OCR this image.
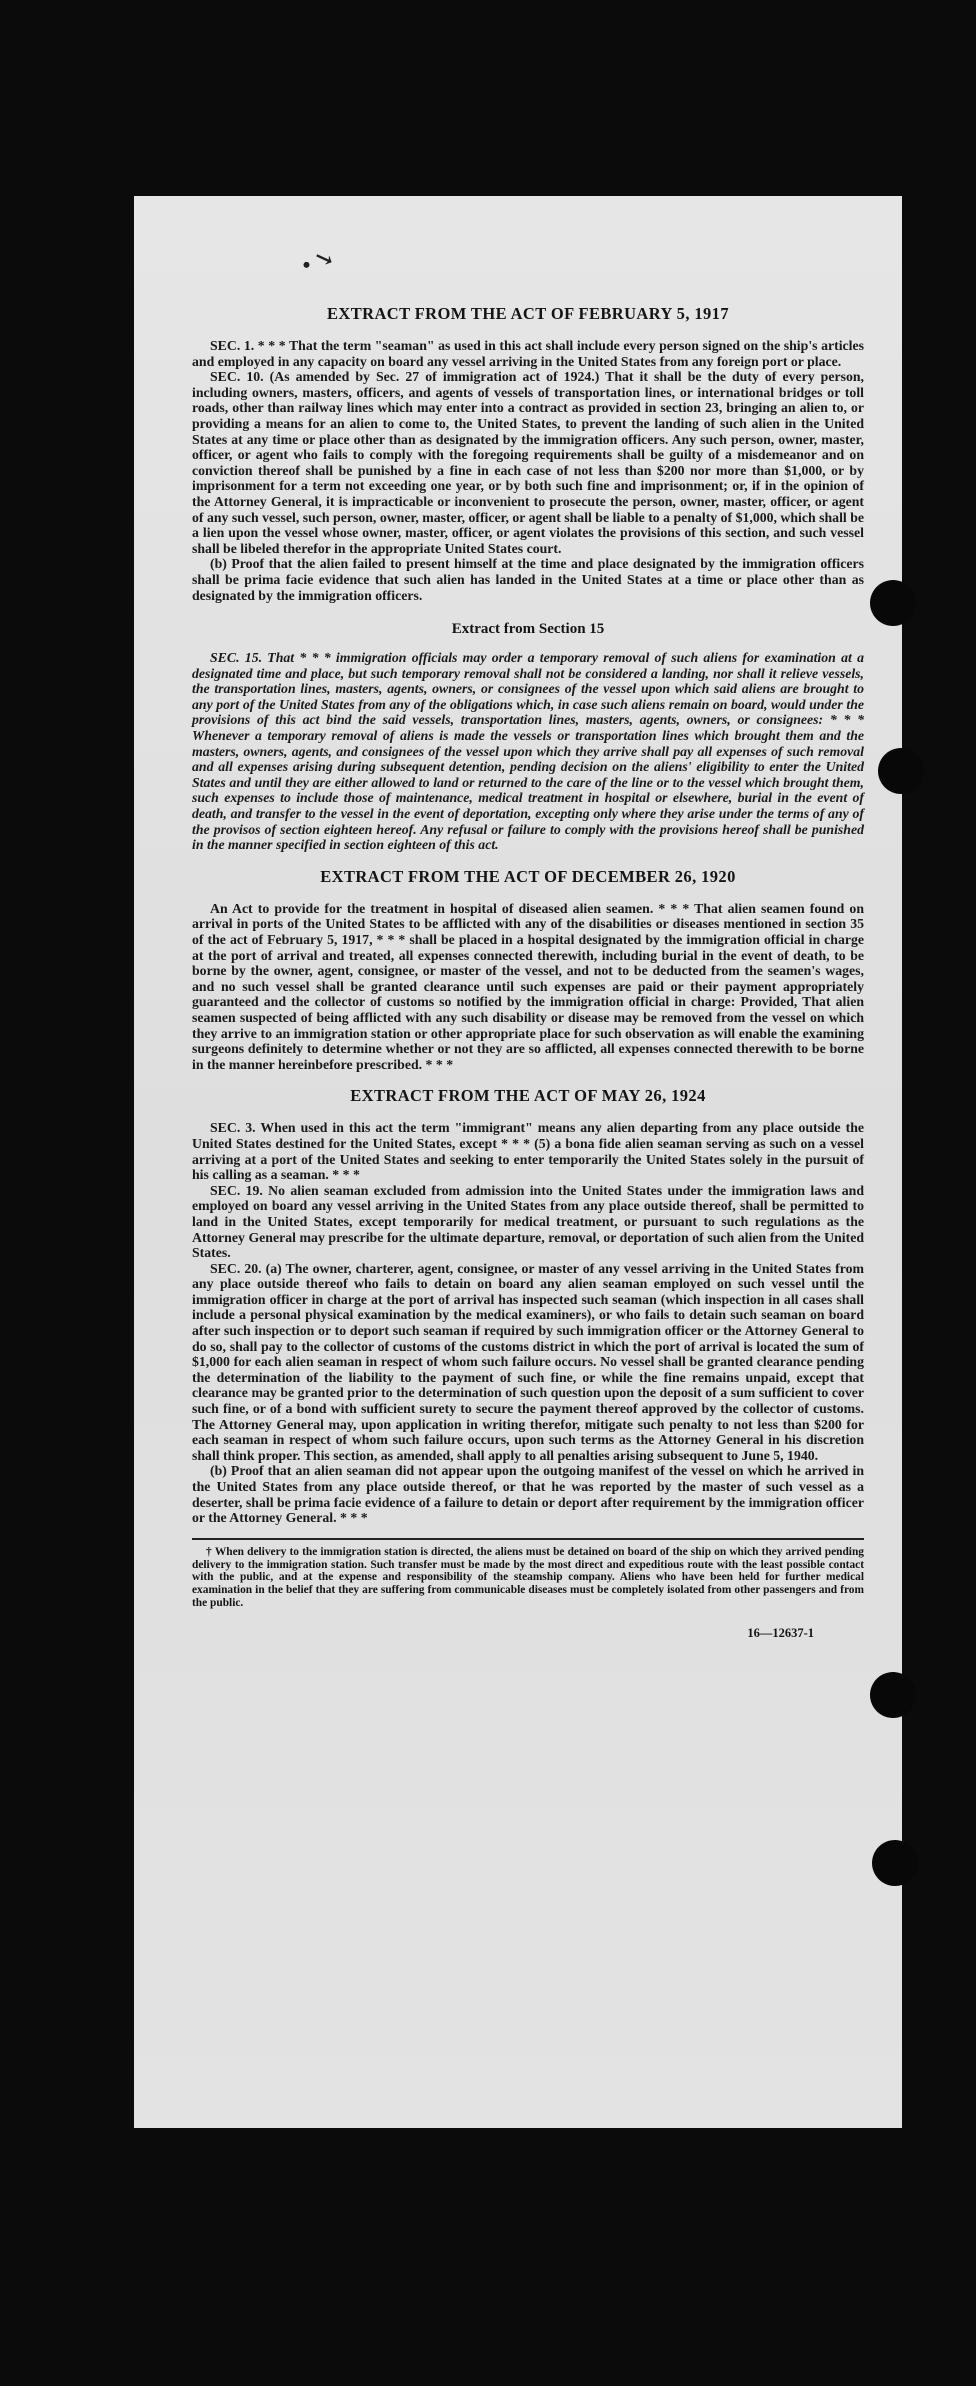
• ↘
EXTRACT FROM THE ACT OF FEBRUARY 5, 1917

SEC. 1. * * * That the term "seaman" as used in this act shall include every person signed on the ship's articles and employed in any capacity on board any vessel arriving in the United States from any foreign port or place.

SEC. 10. (As amended by Sec. 27 of immigration act of 1924.) That it shall be the duty of every person, including owners, masters, officers, and agents of vessels of transportation lines, or international bridges or toll roads, other than railway lines which may enter into a contract as provided in section 23, bringing an alien to, or providing a means for an alien to come to, the United States, to prevent the landing of such alien in the United States at any time or place other than as designated by the immigration officers. Any such person, owner, master, officer, or agent who fails to comply with the foregoing requirements shall be guilty of a misdemeanor and on conviction thereof shall be punished by a fine in each case of not less than $200 nor more than $1,000, or by imprisonment for a term not exceeding one year, or by both such fine and imprisonment; or, if in the opinion of the Attorney General, it is impracticable or inconvenient to prosecute the person, owner, master, officer, or agent of any such vessel, such person, owner, master, officer, or agent shall be liable to a penalty of $1,000, which shall be a lien upon the vessel whose owner, master, officer, or agent violates the provisions of this section, and such vessel shall be libeled therefor in the appropriate United States court.

(b) Proof that the alien failed to present himself at the time and place designated by the immigration officers shall be prima facie evidence that such alien has landed in the United States at a time or place other than as designated by the immigration officers.

Extract from Section 15

SEC. 15. That * * * immigration officials may order a temporary removal of such aliens for examination at a designated time and place, but such temporary removal shall not be considered a landing, nor shall it relieve vessels, the transportation lines, masters, agents, owners, or consignees of the vessel upon which said aliens are brought to any port of the United States from any of the obligations which, in case such aliens remain on board, would under the provisions of this act bind the said vessels, transportation lines, masters, agents, owners, or consignees: * * * Whenever a temporary removal of aliens is made the vessels or transportation lines which brought them and the masters, owners, agents, and consignees of the vessel upon which they arrive shall pay all expenses of such removal and all expenses arising during subsequent detention, pending decision on the aliens' eligibility to enter the United States and until they are either allowed to land or returned to the care of the line or to the vessel which brought them, such expenses to include those of maintenance, medical treatment in hospital or elsewhere, burial in the event of death, and transfer to the vessel in the event of deportation, excepting only where they arise under the terms of any of the provisos of section eighteen hereof. Any refusal or failure to comply with the provisions hereof shall be punished in the manner specified in section eighteen of this act.

EXTRACT FROM THE ACT OF DECEMBER 26, 1920

An Act to provide for the treatment in hospital of diseased alien seamen. * * * That alien seamen found on arrival in ports of the United States to be afflicted with any of the disabilities or diseases mentioned in section 35 of the act of February 5, 1917, * * * shall be placed in a hospital designated by the immigration official in charge at the port of arrival and treated, all expenses connected therewith, including burial in the event of death, to be borne by the owner, agent, consignee, or master of the vessel, and not to be deducted from the seamen's wages, and no such vessel shall be granted clearance until such expenses are paid or their payment appropriately guaranteed and the collector of customs so notified by the immigration official in charge: Provided, That alien seamen suspected of being afflicted with any such disability or disease may be removed from the vessel on which they arrive to an immigration station or other appropriate place for such observation as will enable the examining surgeons definitely to determine whether or not they are so afflicted, all expenses connected therewith to be borne in the manner hereinbefore prescribed. * * *

EXTRACT FROM THE ACT OF MAY 26, 1924

SEC. 3. When used in this act the term "immigrant" means any alien departing from any place outside the United States destined for the United States, except * * * (5) a bona fide alien seaman serving as such on a vessel arriving at a port of the United States and seeking to enter temporarily the United States solely in the pursuit of his calling as a seaman. * * *

SEC. 19. No alien seaman excluded from admission into the United States under the immigration laws and employed on board any vessel arriving in the United States from any place outside thereof, shall be permitted to land in the United States, except temporarily for medical treatment, or pursuant to such regulations as the Attorney General may prescribe for the ultimate departure, removal, or deportation of such alien from the United States.

SEC. 20. (a) The owner, charterer, agent, consignee, or master of any vessel arriving in the United States from any place outside thereof who fails to detain on board any alien seaman employed on such vessel until the immigration officer in charge at the port of arrival has inspected such seaman (which inspection in all cases shall include a personal physical examination by the medical examiners), or who fails to detain such seaman on board after such inspection or to deport such seaman if required by such immigration officer or the Attorney General to do so, shall pay to the collector of customs of the customs district in which the port of arrival is located the sum of $1,000 for each alien seaman in respect of whom such failure occurs. No vessel shall be granted clearance pending the determination of the liability to the payment of such fine, or while the fine remains unpaid, except that clearance may be granted prior to the determination of such question upon the deposit of a sum sufficient to cover such fine, or of a bond with sufficient surety to secure the payment thereof approved by the collector of customs. The Attorney General may, upon application in writing therefor, mitigate such penalty to not less than $200 for each seaman in respect of whom such failure occurs, upon such terms as the Attorney General in his discretion shall think proper. This section, as amended, shall apply to all penalties arising subsequent to June 5, 1940.

(b) Proof that an alien seaman did not appear upon the outgoing manifest of the vessel on which he arrived in the United States from any place outside thereof, or that he was reported by the master of such vessel as a deserter, shall be prima facie evidence of a failure to detain or deport after requirement by the immigration officer or the Attorney General. * * *

† When delivery to the immigration station is directed, the aliens must be detained on board of the ship on which they arrived pending delivery to the immigration station. Such transfer must be made by the most direct and expeditious route with the least possible contact with the public, and at the expense and responsibility of the steamship company. Aliens who have been held for further medical examination in the belief that they are suffering from communicable diseases must be completely isolated from other passengers and from the public.

16—12637-1
